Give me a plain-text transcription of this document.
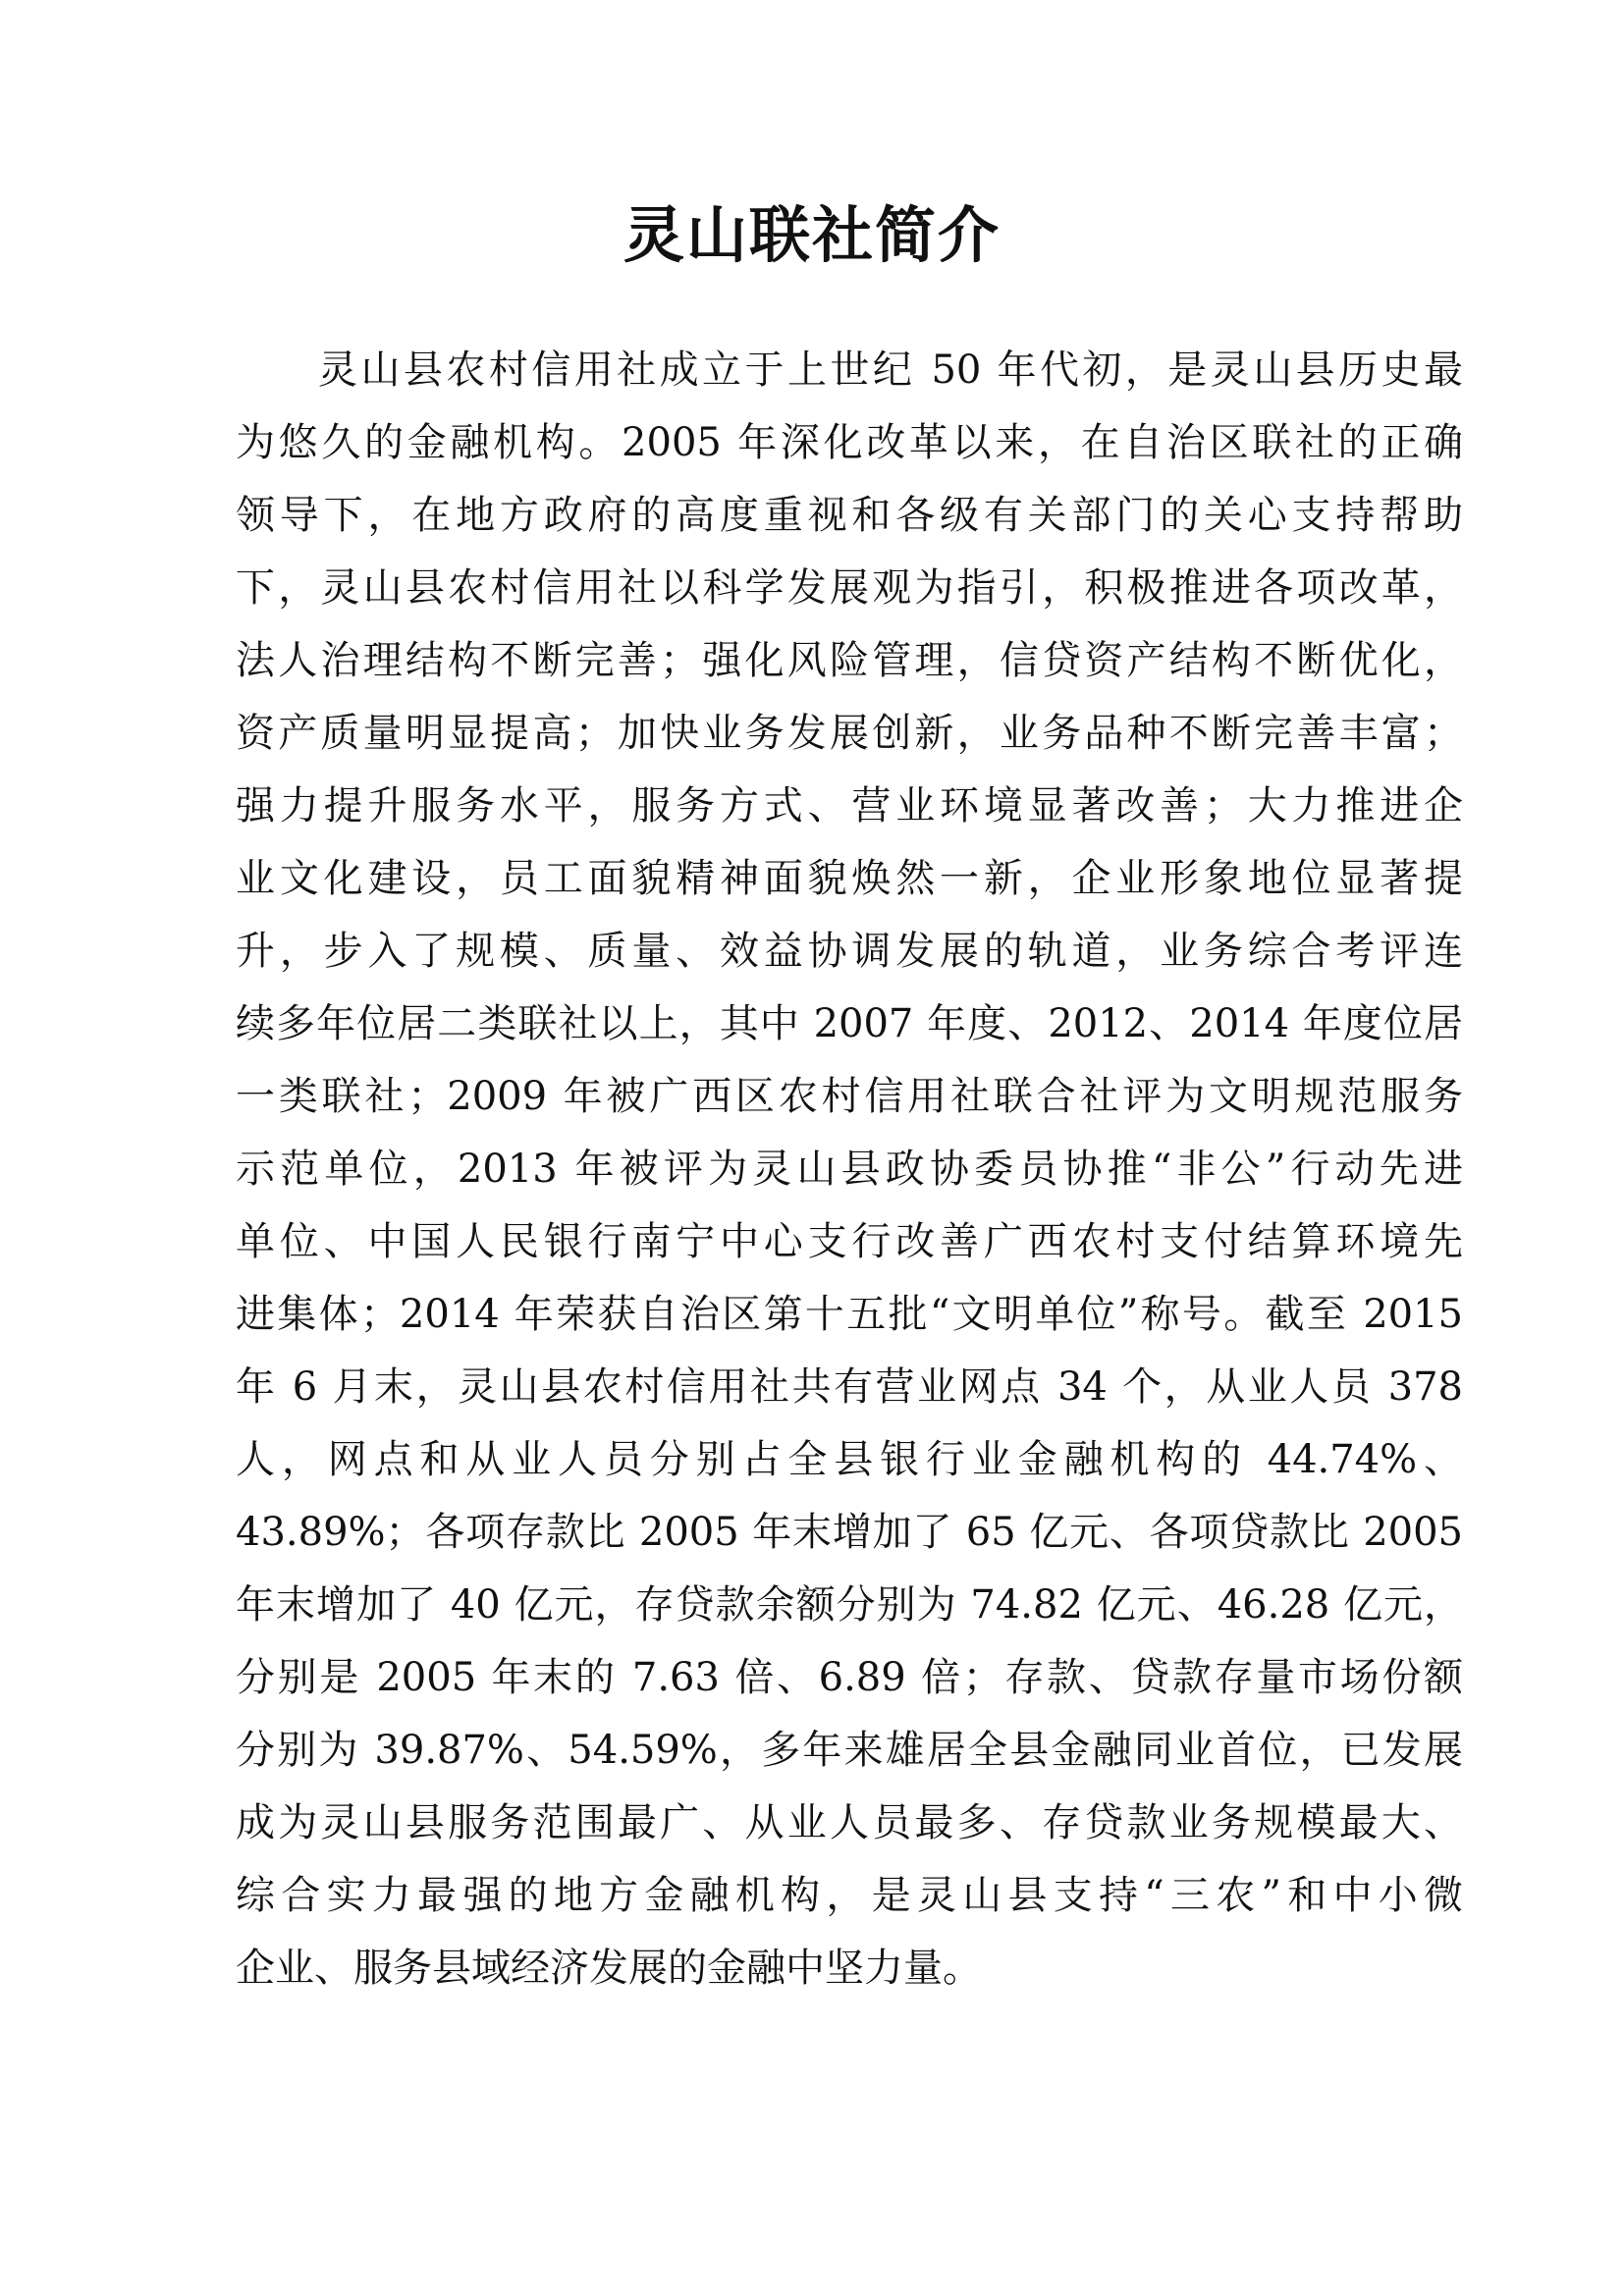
灵山联社简介
灵山县农村信用社成立于上世纪 50 年代初，是灵山县历史最
为悠久的金融机构。2005 年深化改革以来，在自治区联社的正确
领导下，在地方政府的高度重视和各级有关部门的关心支持帮助
下，灵山县农村信用社以科学发展观为指引，积极推进各项改革，
法人治理结构不断完善；强化风险管理，信贷资产结构不断优化，
资产质量明显提高；加快业务发展创新，业务品种不断完善丰富；
强力提升服务水平，服务方式、营业环境显著改善；大力推进企
业文化建设，员工面貌精神面貌焕然一新，企业形象地位显著提
升，步入了规模、质量、效益协调发展的轨道，业务综合考评连
续多年位居二类联社以上，其中 2007 年度、2012、2014 年度位居
一类联社；2009 年被广西区农村信用社联合社评为文明规范服务
示范单位，2013 年被评为灵山县政协委员协推“非公”行动先进
单位、中国人民银行南宁中心支行改善广西农村支付结算环境先
进集体；2014 年荣获自治区第十五批“文明单位”称号。截至 2015
年 6 月末，灵山县农村信用社共有营业网点 34 个，从业人员 378
人，网点和从业人员分别占全县银行业金融机构的 44.74%、
43.89%；各项存款比 2005 年末增加了 65 亿元、各项贷款比 2005
年末增加了 40 亿元，存贷款余额分别为 74.82 亿元、46.28 亿元，
分别是 2005 年末的 7.63 倍、6.89 倍；存款、贷款存量市场份额
分别为 39.87%、54.59%，多年来雄居全县金融同业首位，已发展
成为灵山县服务范围最广、从业人员最多、存贷款业务规模最大、
综合实力最强的地方金融机构，是灵山县支持“三农”和中小微
企业、服务县域经济发展的金融中坚力量。
